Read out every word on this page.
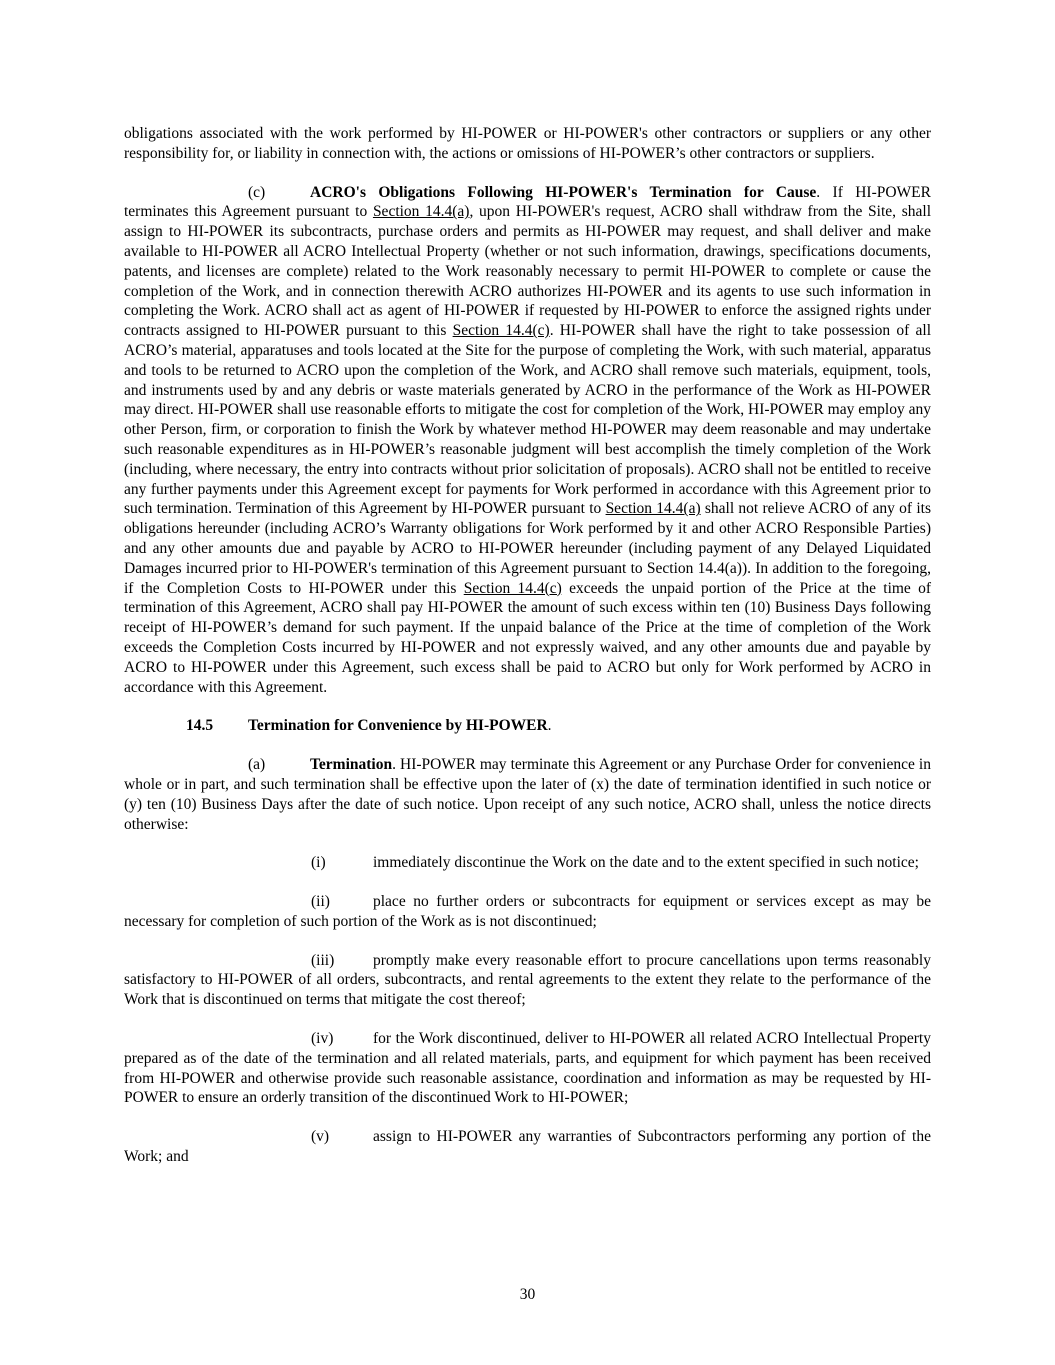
obligations associated with the work performed by HI-POWER or HI-POWER's other contractors or suppliers or any other responsibility for, or liability in connection with, the actions or omissions of HI-POWER’s other contractors or suppliers.

(c)	ACRO's Obligations Following HI-POWER's Termination for Cause. If HI-POWER terminates this Agreement pursuant to Section 14.4(a), upon HI-POWER's request, ACRO shall withdraw from the Site, shall assign to HI-POWER its subcontracts, purchase orders and permits as HI-POWER may request, and shall deliver and make available to HI-POWER all ACRO Intellectual Property (whether or not such information, drawings, specifications documents, patents, and licenses are complete) related to the Work reasonably necessary to permit HI-POWER to complete or cause the completion of the Work, and in connection therewith ACRO authorizes HI-POWER and its agents to use such information in completing the Work. ACRO shall act as agent of HI-POWER if requested by HI-POWER to enforce the assigned rights under contracts assigned to HI-POWER pursuant to this Section 14.4(c). HI-POWER shall have the right to take possession of all ACRO’s material, apparatuses and tools located at the Site for the purpose of completing the Work, with such material, apparatus and tools to be returned to ACRO upon the completion of the Work, and ACRO shall remove such materials, equipment, tools, and instruments used by and any debris or waste materials generated by ACRO in the performance of the Work as HI-POWER may direct. HI-POWER shall use reasonable efforts to mitigate the cost for completion of the Work, HI-POWER may employ any other Person, firm, or corporation to finish the Work by whatever method HI-POWER may deem reasonable and may undertake such reasonable expenditures as in HI-POWER’s reasonable judgment will best accomplish the timely completion of the Work (including, where necessary, the entry into contracts without prior solicitation of proposals). ACRO shall not be entitled to receive any further payments under this Agreement except for payments for Work performed in accordance with this Agreement prior to such termination. Termination of this Agreement by HI-POWER pursuant to Section 14.4(a) shall not relieve ACRO of any of its obligations hereunder (including ACRO’s Warranty obligations for Work performed by it and other ACRO Responsible Parties) and any other amounts due and payable by ACRO to HI-POWER hereunder (including payment of any Delayed Liquidated Damages incurred prior to HI-POWER's termination of this Agreement pursuant to Section 14.4(a)). In addition to the foregoing, if the Completion Costs to HI-POWER under this Section 14.4(c) exceeds the unpaid portion of the Price at the time of termination of this Agreement, ACRO shall pay HI-POWER the amount of such excess within ten (10) Business Days following receipt of HI-POWER’s demand for such payment. If the unpaid balance of the Price at the time of completion of the Work exceeds the Completion Costs incurred by HI-POWER and not expressly waived, and any other amounts due and payable by ACRO to HI-POWER under this Agreement, such excess shall be paid to ACRO but only for Work performed by ACRO in accordance with this Agreement.

14.5 Termination for Convenience by HI-POWER.

(a)	Termination. HI-POWER may terminate this Agreement or any Purchase Order for convenience in whole or in part, and such termination shall be effective upon the later of (x) the date of termination identified in such notice or (y) ten (10) Business Days after the date of such notice. Upon receipt of any such notice, ACRO shall, unless the notice directs otherwise:

(i)	immediately discontinue the Work on the date and to the extent specified in such notice;

(ii)	place no further orders or subcontracts for equipment or services except as may be necessary for completion of such portion of the Work as is not discontinued;

(iii)	promptly make every reasonable effort to procure cancellations upon terms reasonably satisfactory to HI-POWER of all orders, subcontracts, and rental agreements to the extent they relate to the performance of the Work that is discontinued on terms that mitigate the cost thereof;

(iv)	for the Work discontinued, deliver to HI-POWER all related ACRO Intellectual Property prepared as of the date of the termination and all related materials, parts, and equipment for which payment has been received from HI-POWER and otherwise provide such reasonable assistance, coordination and information as may be requested by HI-POWER to ensure an orderly transition of the discontinued Work to HI-POWER;

(v)	assign to HI-POWER any warranties of Subcontractors performing any portion of the Work; and

30
